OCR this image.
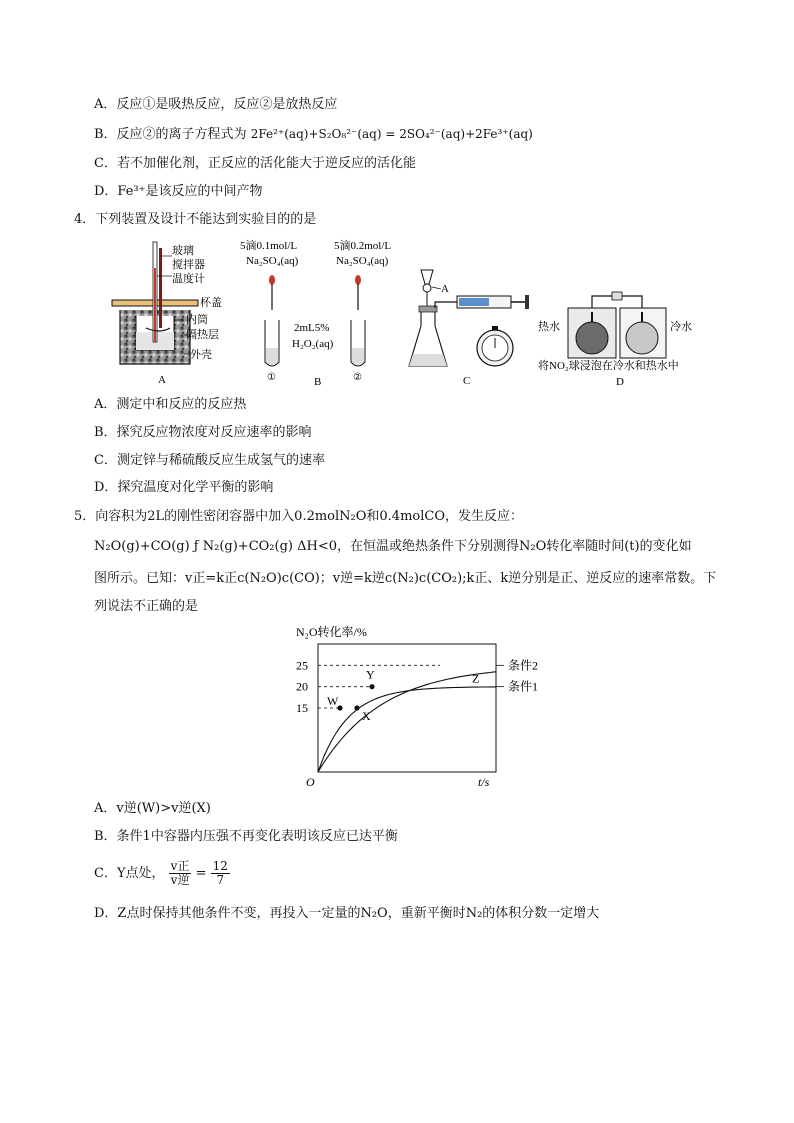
A．反应①是吸热反应，反应②是放热反应
B．反应②的离子方程式为 2Fe²⁺(aq)+S₂O₈²⁻(aq) = 2SO₄²⁻(aq)+2Fe³⁺(aq)
C．若不加催化剂，正反应的活化能大于逆反应的活化能
D．Fe³⁺是该反应的中间产物
4．下列装置及设计不能达到实验目的的是
玻璃
搅拌器
温度计
杯盖
内筒
隔热层
外壳
A
5滴0.1mol/L
Na₂SO₄(aq)
5滴0.2mol/L
Na₂SO₄(aq)
2mL5%
H₂O₂(aq)
①	②
B
A
C
热水	冷水
将NO₂球浸泡在冷水和热水中
D
A．测定中和反应的反应热
B．探究反应物浓度对反应速率的影响
C．测定锌与稀硫酸反应生成氢气的速率
D．探究温度对化学平衡的影响
5．向容积为2L的刚性密闭容器中加入0.2molN₂O和0.4molCO，发生反应：
N₂O(g)+CO(g) ƒ N₂(g)+CO₂(g) ΔH<0，在恒温或绝热条件下分别测得N₂O转化率随时间(t)的变化如
图所示。已知：v正=k正c(N₂O)c(CO)；v逆=k逆c(N₂)c(CO₂);k正、k逆分别是正、逆反应的速率常数。下
列说法不正确的是
N₂O转化率/%
O	t/s
15
20
25	条件2
条件1
W
X
Y	Z
A．v逆(W)>v逆(X)
B．条件1中容器内压强不再变化表明该反应已达平衡
C．Y点处， $\frac{\text{v正}}{\text{v逆}} = \frac{12}{7}$
D．Z点时保持其他条件不变，再投入一定量的N₂O，重新平衡时N₂的体积分数一定增大
